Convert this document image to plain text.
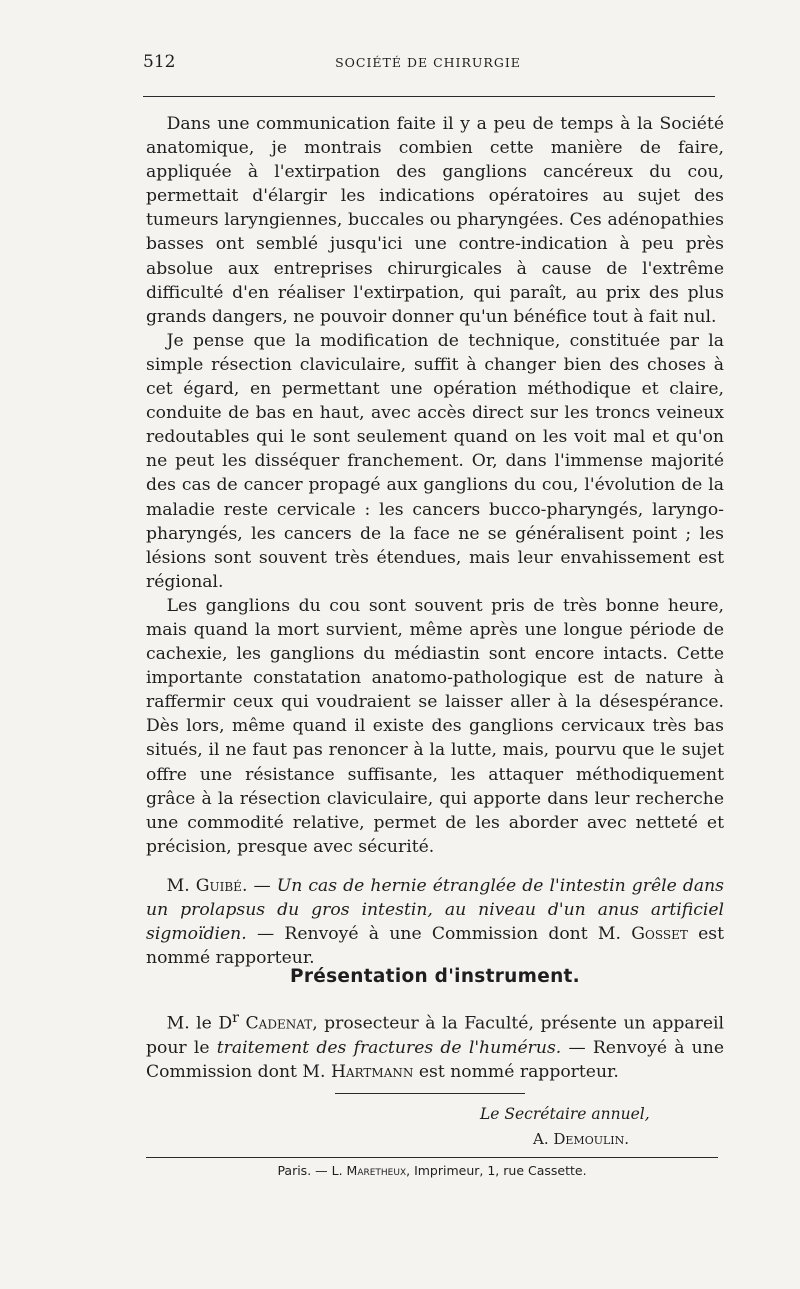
512	SOCIÉTÉ DE CHIRURGIE

Dans une communication faite il y a peu de temps à la Société anatomique, je montrais combien cette manière de faire, appliquée à l'extirpation des ganglions cancéreux du cou, permettait d'élargir les indications opératoires au sujet des tumeurs laryngiennes, buccales ou pharyngées. Ces adénopathies basses ont semblé jusqu'ici une contre-indication à peu près absolue aux entreprises chirurgicales à cause de l'extrême difficulté d'en réaliser l'extirpation, qui paraît, au prix des plus grands dangers, ne pouvoir donner qu'un bénéfice tout à fait nul.

Je pense que la modification de technique, constituée par la simple résection claviculaire, suffit à changer bien des choses à cet égard, en permettant une opération méthodique et claire, conduite de bas en haut, avec accès direct sur les troncs veineux redoutables qui le sont seulement quand on les voit mal et qu'on ne peut les disséquer franchement. Or, dans l'immense majorité des cas de cancer propagé aux ganglions du cou, l'évolution de la maladie reste cervicale : les cancers bucco-pharyngés, laryngo-pharyngés, les cancers de la face ne se généralisent point ; les lésions sont souvent très étendues, mais leur envahissement est régional.

Les ganglions du cou sont souvent pris de très bonne heure, mais quand la mort survient, même après une longue période de cachexie, les ganglions du médiastin sont encore intacts. Cette importante constatation anatomo-pathologique est de nature à raffermir ceux qui voudraient se laisser aller à la désespérance. Dès lors, même quand il existe des ganglions cervicaux très bas situés, il ne faut pas renoncer à la lutte, mais, pourvu que le sujet offre une résistance suffisante, les attaquer méthodiquement grâce à la résection claviculaire, qui apporte dans leur recherche une commodité relative, permet de les aborder avec netteté et précision, presque avec sécurité.

M. Guibé. — Un cas de hernie étranglée de l'intestin grêle dans un prolapsus du gros intestin, au niveau d'un anus artificiel sigmoïdien. — Renvoyé à une Commission dont M. Gosset est nommé rapporteur.

Présentation d'instrument.

M. le $D^r$ Cadenat, prosecteur à la Faculté, présente un appareil pour le traitement des fractures de l'humérus. — Renvoyé à une Commission dont M. Hartmann est nommé rapporteur.

Le Secrétaire annuel,
A. Demoulin.
Paris. — L. Maretheux, Imprimeur, 1, rue Cassette.
